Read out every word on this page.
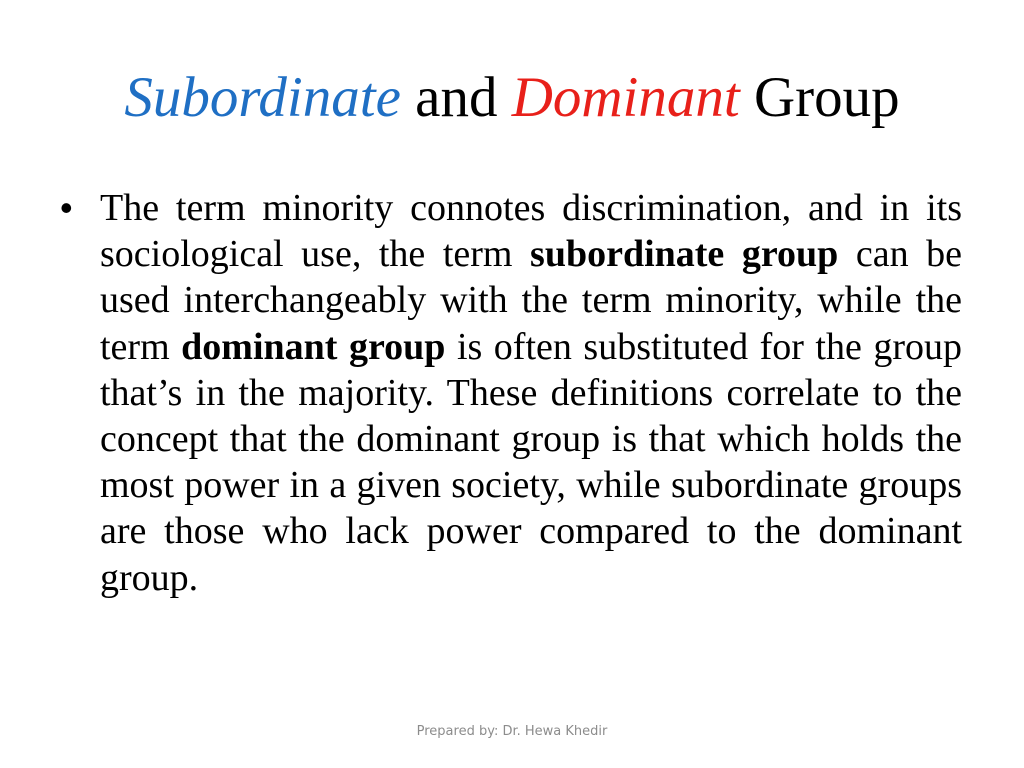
Subordinate and Dominant Group
• The term minority connotes discrimination, and in its sociological use, the term subordinate group can be used interchangeably with the term minority, while the term dominant group is often substituted for the group that’s in the majority. These definitions correlate to the concept that the dominant group is that which holds the most power in a given society, while subordinate groups are those who lack power compared to the dominant group.
Prepared by: Dr. Hewa Khedir
